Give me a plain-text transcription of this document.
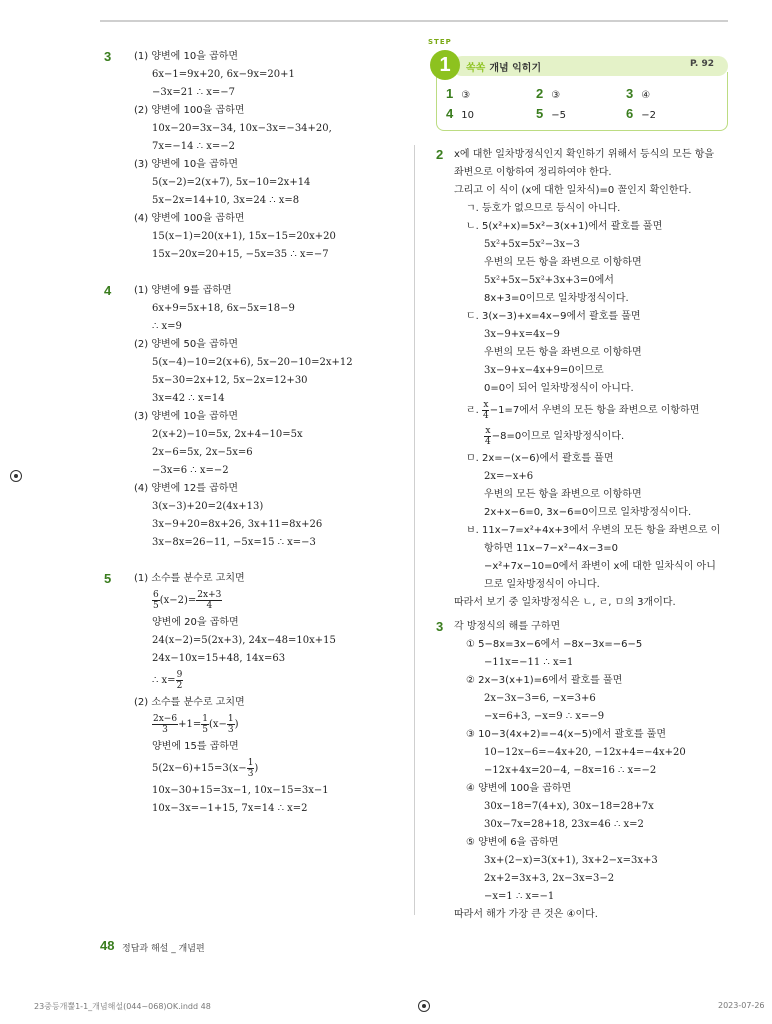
3	(1) 양변에 10을 곱하면
6x−1=9x+20, 6x−9x=20+1
−3x=21 ∴ x=−7
(2) 양변에 100을 곱하면
10x−20=3x−34, 10x−3x=−34+20,
7x=−14 ∴ x=−2
(3) 양변에 10을 곱하면
5(x−2)=2(x+7), 5x−10=2x+14
5x−2x=14+10, 3x=24 ∴ x=8
(4) 양변에 100을 곱하면
15(x−1)=20(x+1), 15x−15=20x+20
15x−20x=20+15, −5x=35 ∴ x=−7
4	(1) 양변에 9를 곱하면
6x+9=5x+18, 6x−5x=18−9
∴ x=9
(2) 양변에 50을 곱하면
5(x−4)−10=2(x+6), 5x−20−10=2x+12
5x−30=2x+12, 5x−2x=12+30
3x=42 ∴ x=14
(3) 양변에 10을 곱하면
2(x+2)−10=5x, 2x+4−10=5x
2x−6=5x, 2x−5x=6
−3x=6 ∴ x=−2
(4) 양변에 12를 곱하면
3(x−3)+20=2(4x+13)
3x−9+20=8x+26, 3x+11=8x+26
3x−8x=26−11, −5x=15 ∴ x=−3
5	(1) 소수를 분수로 고치면
$\frac{6}{5} (x-2)= \frac{2x+3}{4}$
양변에 20을 곱하면
24(x−2)=5(2x+3), 24x−48=10x+15
24x−10x=15+48, 14x=63
∴ $x= \frac{9}{2}$
(2) 소수를 분수로 고치면
$\frac{2x-6}{3} +1= \frac{1}{5} (x- \frac{1}{3}$ )
양변에 15를 곱하면
$5(2x-6)+15=3(x- \frac{1}{3}$ )
10x−30+15=3x−1, 10x−15=3x−1
10x−3x=−1+15, 7x=14 ∴ x=2
STEP
1	쏙쏙 개념 익히기	P. 92
1 ③	2 ③	3 ④
4 10	5 −5	6 −2
2	x에 대한 일차방정식인지 확인하기 위해서 등식의 모든 항을
좌변으로 이항하여 정리하여야 한다.
그리고 이 식이 (x에 대한 일차식)=0 꼴인지 확인한다.
ㄱ. 등호가 없으므로 등식이 아니다.
ㄴ. 5(x²+x)=5x²−3(x+1)에서 괄호를 풀면
5x²+5x=5x²−3x−3
우변의 모든 항을 좌변으로 이항하면
5x²+5x−5x²+3x+3=0에서
8x+3=0이므로 일차방정식이다.
ㄷ. 3(x−3)+x=4x−9에서 괄호를 풀면
3x−9+x=4x−9
우변의 모든 항을 좌변으로 이항하면
3x−9+x−4x+9=0이므로
0=0이 되어 일차방정식이 아니다.
ㄹ. $\frac{x}{4} -1=7$에서 우변의 모든 항을 좌변으로 이항하면
$\frac{x}{4} -8=0$이므로 일차방정식이다.
ㅁ. 2x=−(x−6)에서 괄호를 풀면
2x=−x+6
우변의 모든 항을 좌변으로 이항하면
2x+x−6=0, 3x−6=0이므로 일차방정식이다.
ㅂ. 11x−7=x²+4x+3에서 우변의 모든 항을 좌변으로 이
항하면 11x−7−x²−4x−3=0
−x²+7x−10=0에서 좌변이 x에 대한 일차식이 아니
므로 일차방정식이 아니다.
따라서 보기 중 일차방정식은 ㄴ, ㄹ, ㅁ의 3개이다.
3	각 방정식의 해를 구하면
① 5−8x=3x−6에서 −8x−3x=−6−5
−11x=−11 ∴ x=1
② 2x−3(x+1)=6에서 괄호를 풀면
2x−3x−3=6, −x=3+6
−x=6+3, −x=9 ∴ x=−9
③ 10−3(4x+2)=−4(x−5)에서 괄호를 풀면
10−12x−6=−4x+20, −12x+4=−4x+20
−12x+4x=20−4, −8x=16 ∴ x=−2
④ 양변에 100을 곱하면
30x−18=7(4+x), 30x−18=28+7x
30x−7x=28+18, 23x=46 ∴ x=2
⑤ 양변에 6을 곱하면
3x+(2−x)=3(x+1), 3x+2−x=3x+3
2x+2=3x+3, 2x−3x=3−2
−x=1 ∴ x=−1
따라서 해가 가장 큰 것은 ④이다.
48 정답과 해설 _ 개념편
23중등개뿔1-1_개념해설(044~068)OK.indd 48	2023-07-26
